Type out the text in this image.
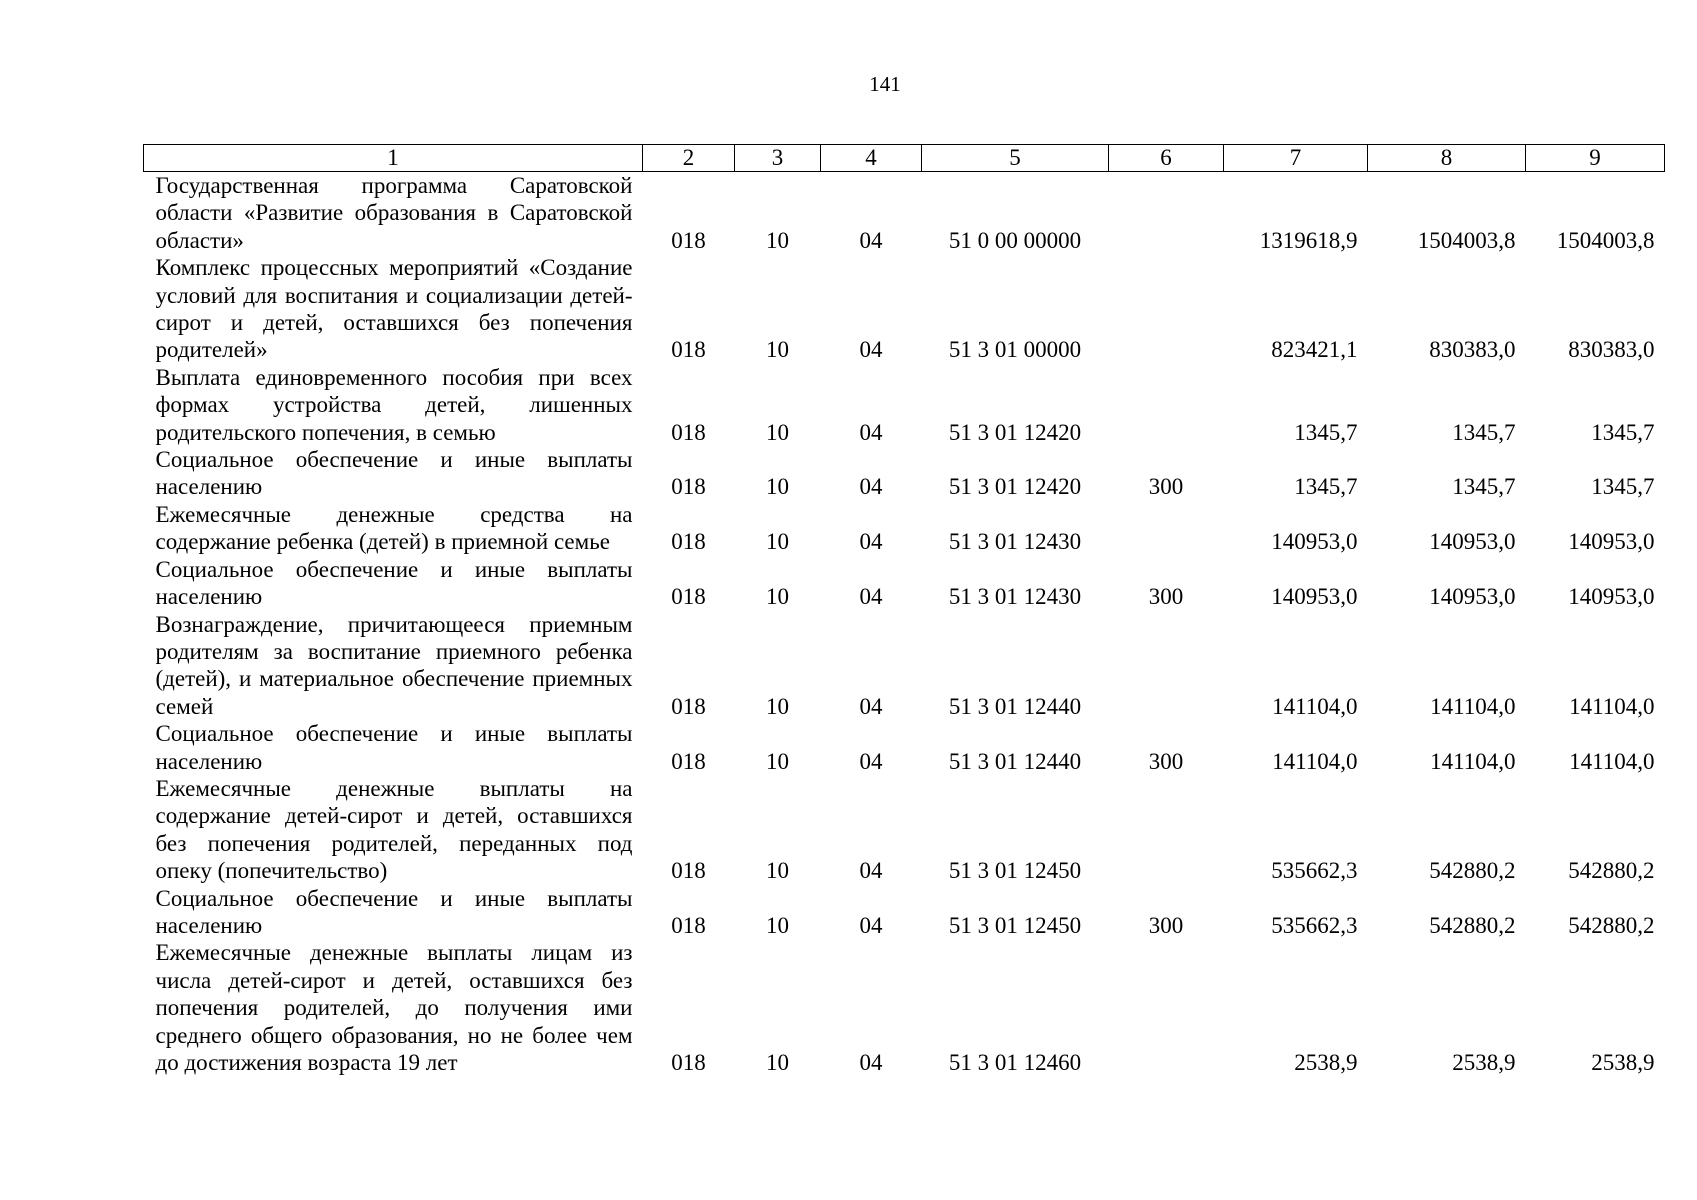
141
1	2	3	4	5	6	7	8	9
Государственная программа Саратовской области «Развитие образования в Саратовской области»	018	10	04	51 0 00 00000		1319618,9	1504003,8	1504003,8
Комплекс процессных мероприятий «Создание условий для воспитания и социализации детей-сирот и детей, оставшихся без попечения родителей»	018	10	04	51 3 01 00000		823421,1	830383,0	830383,0
Выплата единовременного пособия при всех формах устройства детей, лишенных родительского попечения, в семью	018	10	04	51 3 01 12420		1345,7	1345,7	1345,7
Социальное обеспечение и иные выплаты населению	018	10	04	51 3 01 12420	300	1345,7	1345,7	1345,7
Ежемесячные денежные средства на содержание ребенка (детей) в приемной семье	018	10	04	51 3 01 12430		140953,0	140953,0	140953,0
Социальное обеспечение и иные выплаты населению	018	10	04	51 3 01 12430	300	140953,0	140953,0	140953,0
Вознаграждение, причитающееся приемным родителям за воспитание приемного ребенка (детей), и материальное обеспечение приемных семей	018	10	04	51 3 01 12440		141104,0	141104,0	141104,0
Социальное обеспечение и иные выплаты населению	018	10	04	51 3 01 12440	300	141104,0	141104,0	141104,0
Ежемесячные денежные выплаты на содержание детей-сирот и детей, оставшихся без попечения родителей, переданных под опеку (попечительство)	018	10	04	51 3 01 12450		535662,3	542880,2	542880,2
Социальное обеспечение и иные выплаты населению	018	10	04	51 3 01 12450	300	535662,3	542880,2	542880,2
Ежемесячные денежные выплаты лицам из числа детей-сирот и детей, оставшихся без попечения родителей, до получения ими среднего общего образования, но не более чем до достижения возраста 19 лет	018	10	04	51 3 01 12460		2538,9	2538,9	2538,9
